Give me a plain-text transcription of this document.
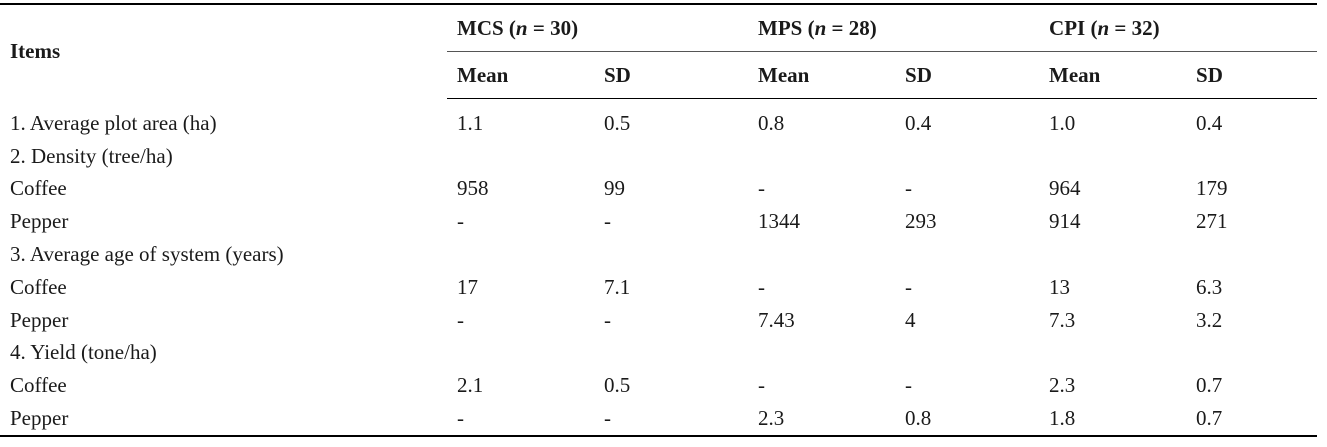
Items	MCS (n = 30)		MPS (n = 28)		CPI (n = 32)	
	Mean	SD	Mean	SD	Mean	SD
1. Average plot area (ha)	1.1	0.5	0.8	0.4	1.0	0.4
2. Density (tree/ha)						
Coffee	958	99	-	-	964	179
Pepper	-	-	1344	293	914	271
3. Average age of system (years)						
Coffee	17	7.1	-	-	13	6.3
Pepper	-	-	7.43	4	7.3	3.2
4. Yield (tone/ha)						
Coffee	2.1	0.5	-	-	2.3	0.7
Pepper	-	-	2.3	0.8	1.8	0.7
